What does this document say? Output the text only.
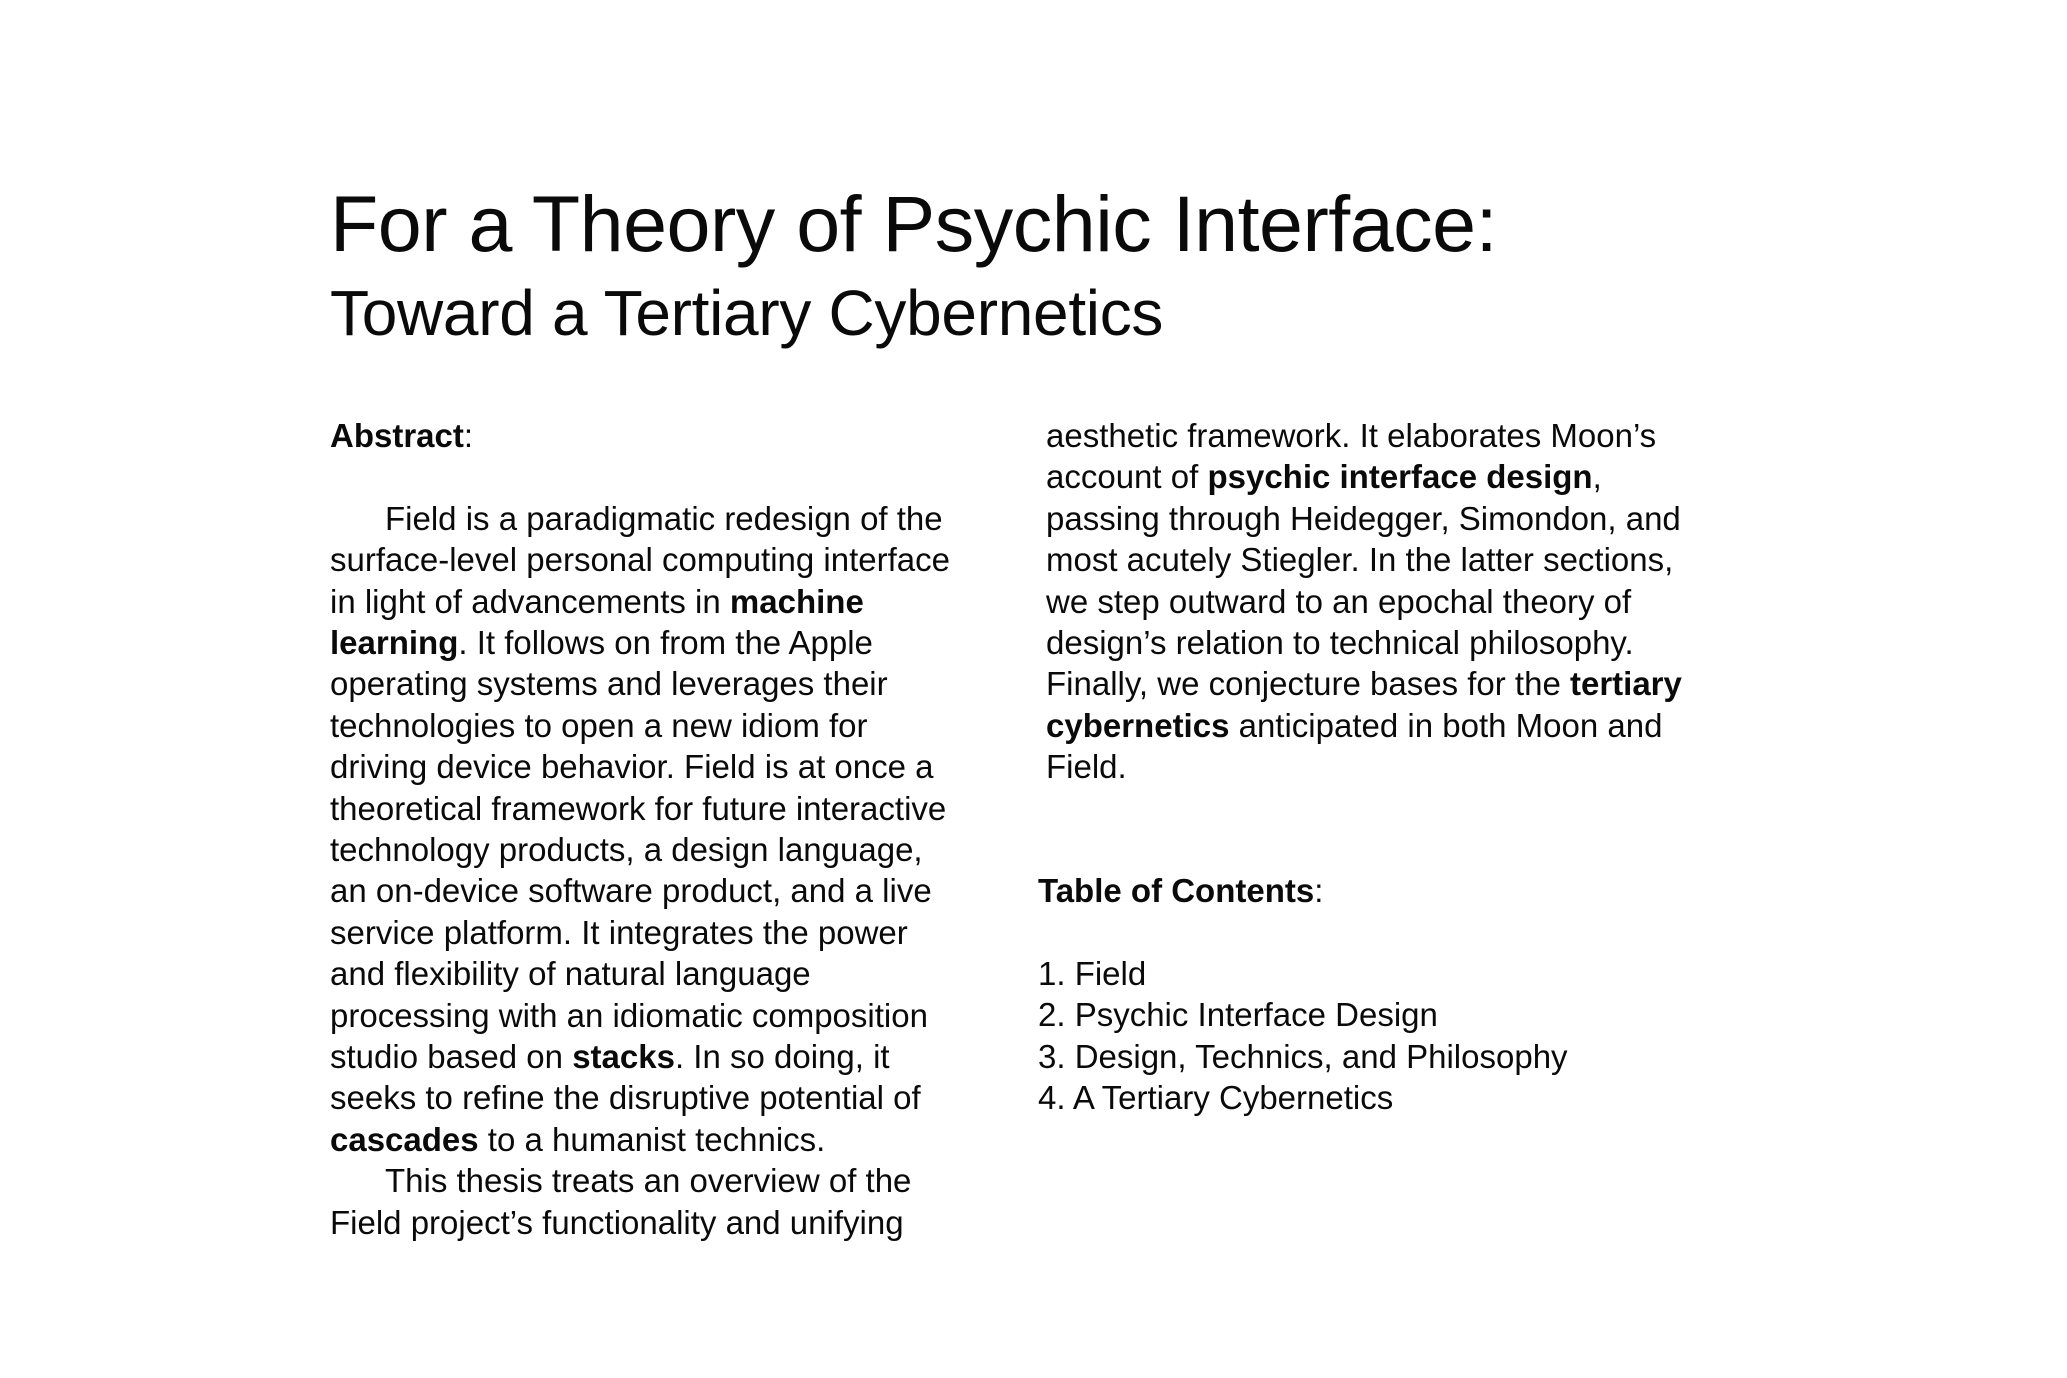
For a Theory of Psychic Interface:
Toward a Tertiary Cybernetics
Abstract:
Field is a paradigmatic redesign of the
surface-level personal computing interface
in light of advancements in machine
learning. It follows on from the Apple
operating systems and leverages their
technologies to open a new idiom for
driving device behavior. Field is at once a
theoretical framework for future interactive
technology products, a design language,
an on-device software product, and a live
service platform. It integrates the power
and flexibility of natural language
processing with an idiomatic composition
studio based on stacks. In so doing, it
seeks to refine the disruptive potential of
cascades to a humanist technics.
This thesis treats an overview of the
Field project’s functionality and unifying
aesthetic framework. It elaborates Moon’s
account of psychic interface design,
passing through Heidegger, Simondon, and
most acutely Stiegler. In the latter sections,
we step outward to an epochal theory of
design’s relation to technical philosophy.
Finally, we conjecture bases for the tertiary
cybernetics anticipated in both Moon and
Field.
Table of Contents:
1. Field
2. Psychic Interface Design
3. Design, Technics, and Philosophy
4. A Tertiary Cybernetics
